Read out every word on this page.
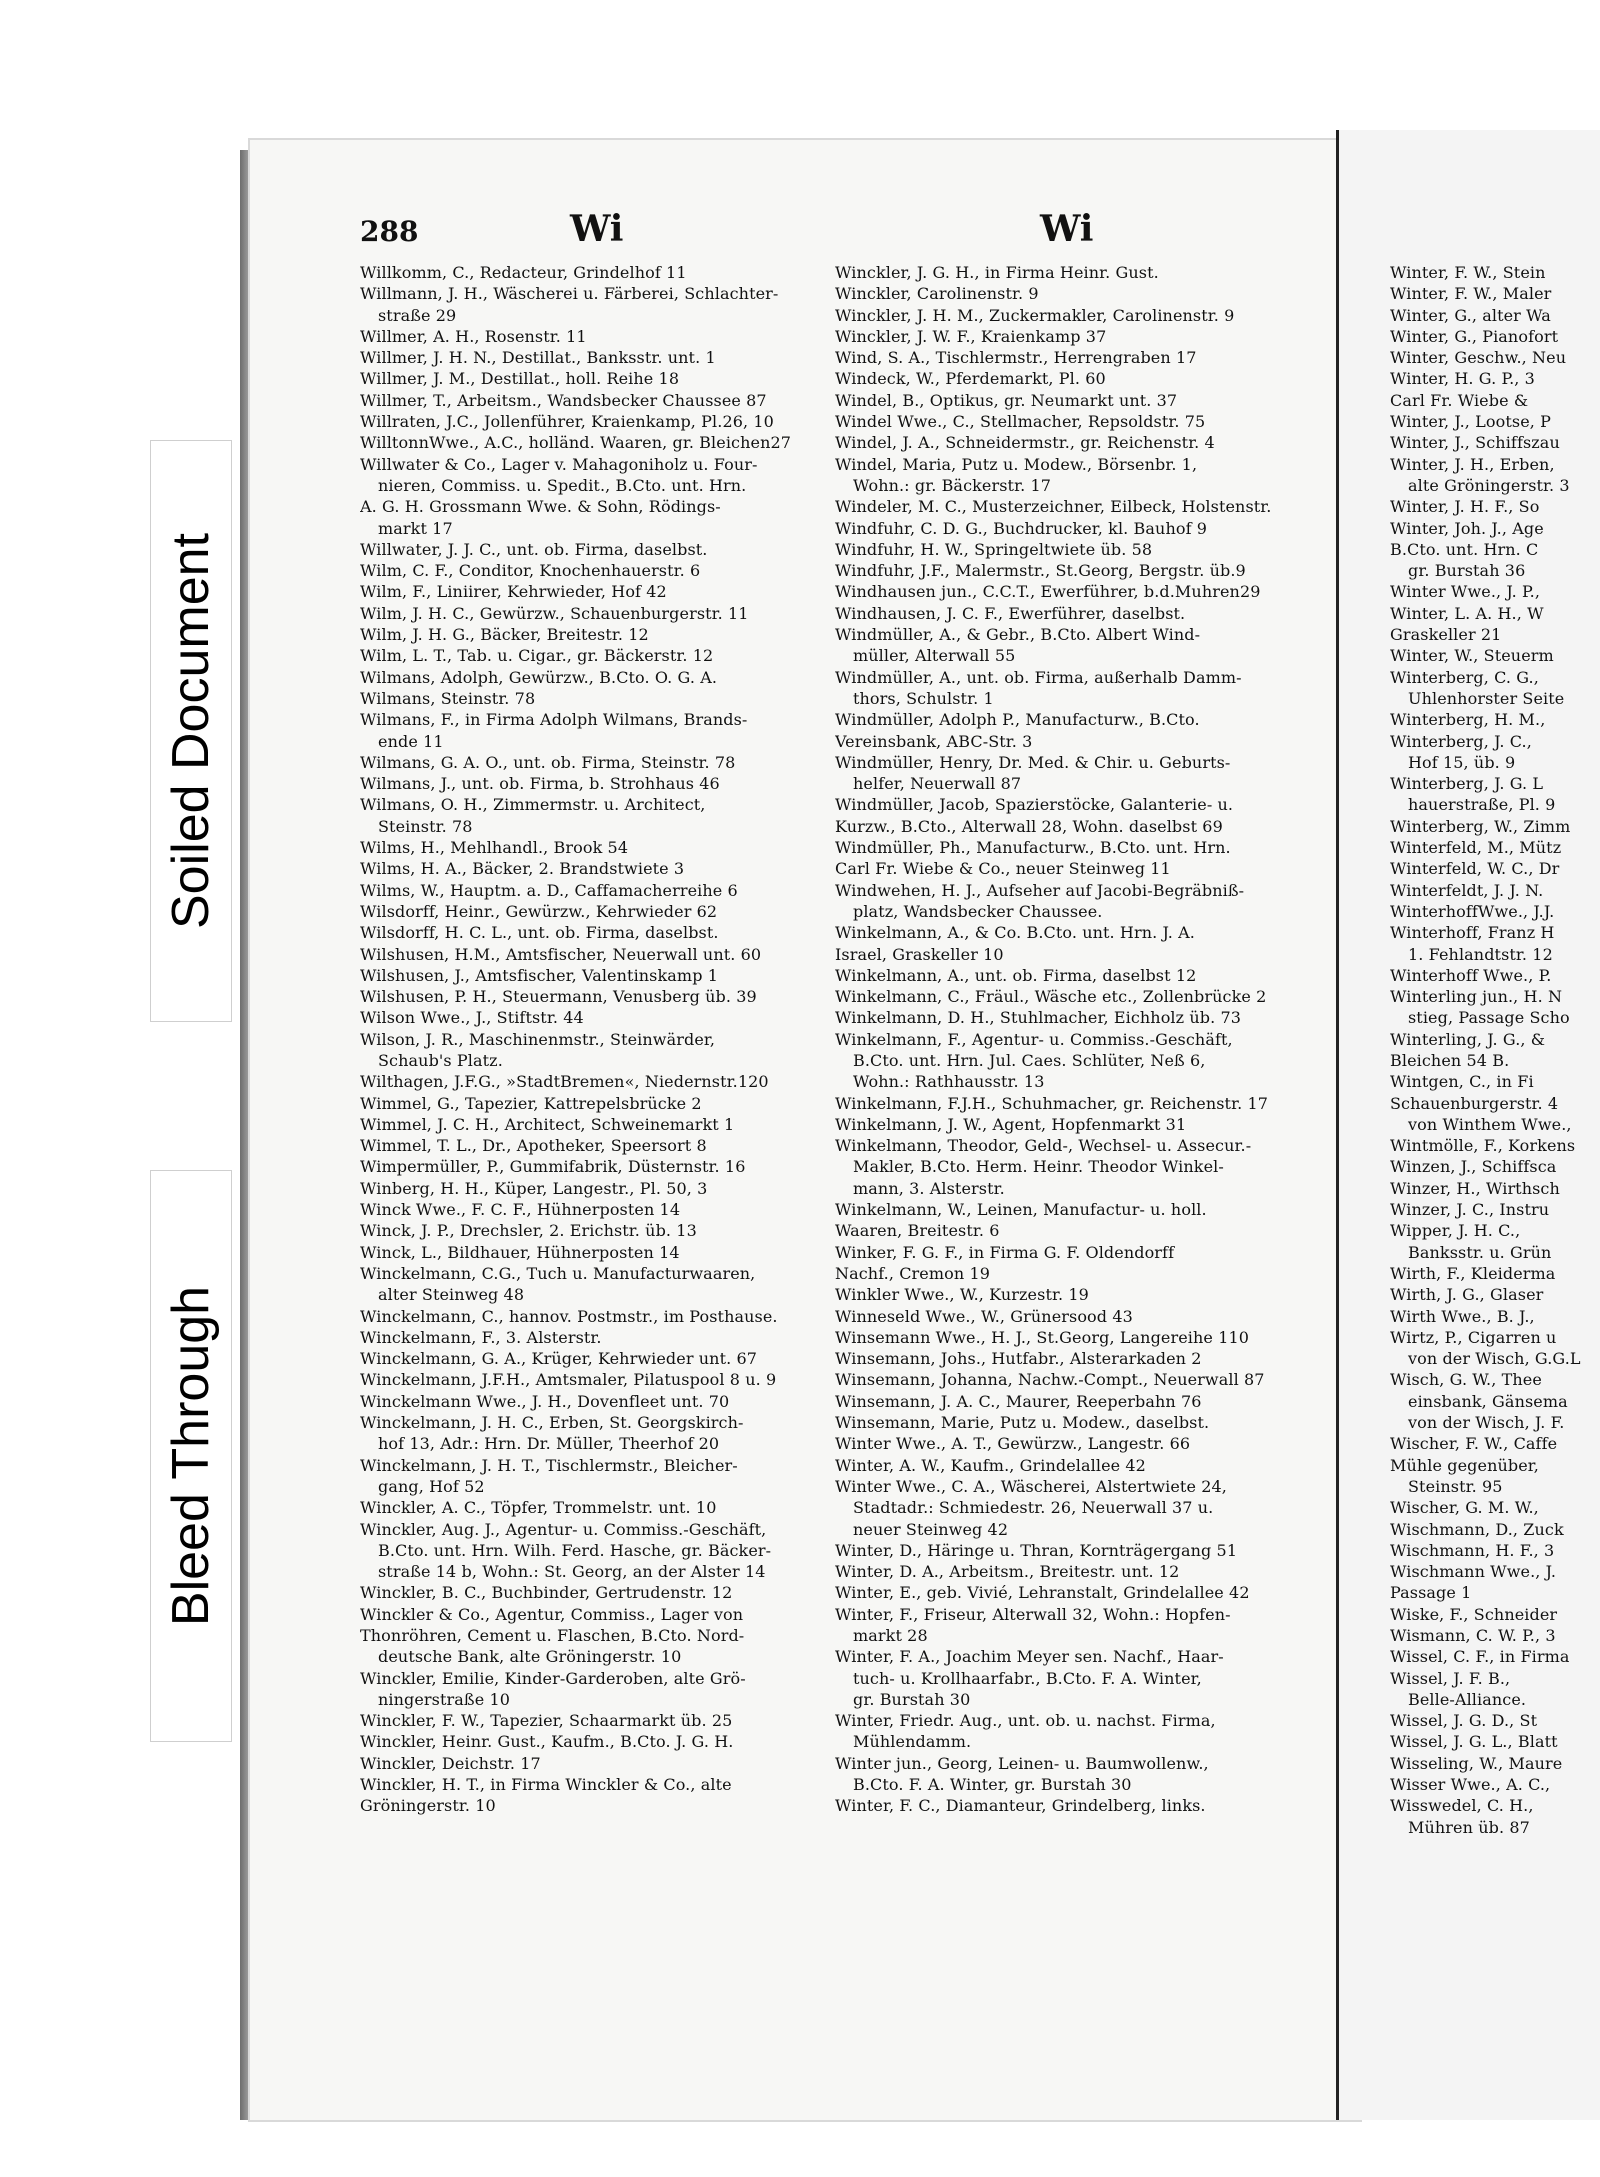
Soiled Document
Bleed Through
288	Wi	Wi
Willkomm, C., Redacteur, Grindelhof 11
Willmann, J. H., Wäscherei u. Färberei, Schlachter-
straße 29
Willmer, A. H., Rosenstr. 11
Willmer, J. H. N., Destillat., Banksstr. unt. 1
Willmer, J. M., Destillat., holl. Reihe 18
Willmer, T., Arbeitsm., Wandsbecker Chaussee 87
Willraten, J.C., Jollenführer, Kraienkamp, Pl.26, 10
WilltonnWwe., A.C., holländ. Waaren, gr. Bleichen27
Willwater & Co., Lager v. Mahagoniholz u. Four-
nieren, Commiss. u. Spedit., B.Cto. unt. Hrn.
A. G. H. Grossmann Wwe. & Sohn, Rödings-
markt 17
Willwater, J. J. C., unt. ob. Firma, daselbst.
Wilm, C. F., Conditor, Knochenhauerstr. 6
Wilm, F., Liniirer, Kehrwieder, Hof 42
Wilm, J. H. C., Gewürzw., Schauenburgerstr. 11
Wilm, J. H. G., Bäcker, Breitestr. 12
Wilm, L. T., Tab. u. Cigar., gr. Bäckerstr. 12
Wilmans, Adolph, Gewürzw., B.Cto. O. G. A.
Wilmans, Steinstr. 78
Wilmans, F., in Firma Adolph Wilmans, Brands-
ende 11
Wilmans, G. A. O., unt. ob. Firma, Steinstr. 78
Wilmans, J., unt. ob. Firma, b. Strohhaus 46
Wilmans, O. H., Zimmermstr. u. Architect,
Steinstr. 78
Wilms, H., Mehlhandl., Brook 54
Wilms, H. A., Bäcker, 2. Brandstwiete 3
Wilms, W., Hauptm. a. D., Caffamacherreihe 6
Wilsdorff, Heinr., Gewürzw., Kehrwieder 62
Wilsdorff, H. C. L., unt. ob. Firma, daselbst.
Wilshusen, H.M., Amtsfischer, Neuerwall unt. 60
Wilshusen, J., Amtsfischer, Valentinskamp 1
Wilshusen, P. H., Steuermann, Venusberg üb. 39
Wilson Wwe., J., Stiftstr. 44
Wilson, J. R., Maschinenmstr., Steinwärder,
Schaub's Platz.
Wilthagen, J.F.G., »StadtBremen«, Niedernstr.120
Wimmel, G., Tapezier, Kattrepelsbrücke 2
Wimmel, J. C. H., Architect, Schweinemarkt 1
Wimmel, T. L., Dr., Apotheker, Speersort 8
Wimpermüller, P., Gummifabrik, Düsternstr. 16
Winberg, H. H., Küper, Langestr., Pl. 50, 3
Winck Wwe., F. C. F., Hühnerposten 14
Winck, J. P., Drechsler, 2. Erichstr. üb. 13
Winck, L., Bildhauer, Hühnerposten 14
Winckelmann, C.G., Tuch u. Manufacturwaaren,
alter Steinweg 48
Winckelmann, C., hannov. Postmstr., im Posthause.
Winckelmann, F., 3. Alsterstr.
Winckelmann, G. A., Krüger, Kehrwieder unt. 67
Winckelmann, J.F.H., Amtsmaler, Pilatuspool 8 u. 9
Winckelmann Wwe., J. H., Dovenfleet unt. 70
Winckelmann, J. H. C., Erben, St. Georgskirch-
hof 13, Adr.: Hrn. Dr. Müller, Theerhof 20
Winckelmann, J. H. T., Tischlermstr., Bleicher-
gang, Hof 52
Winckler, A. C., Töpfer, Trommelstr. unt. 10
Winckler, Aug. J., Agentur- u. Commiss.-Geschäft,
B.Cto. unt. Hrn. Wilh. Ferd. Hasche, gr. Bäcker-
straße 14 b, Wohn.: St. Georg, an der Alster 14
Winckler, B. C., Buchbinder, Gertrudenstr. 12
Winckler & Co., Agentur, Commiss., Lager von
Thonröhren, Cement u. Flaschen, B.Cto. Nord-
deutsche Bank, alte Gröningerstr. 10
Winckler, Emilie, Kinder-Garderoben, alte Grö-
ningerstraße 10
Winckler, F. W., Tapezier, Schaarmarkt üb. 25
Winckler, Heinr. Gust., Kaufm., B.Cto. J. G. H.
Winckler, Deichstr. 17
Winckler, H. T., in Firma Winckler & Co., alte
Gröningerstr. 10
Winckler, J. G. H., in Firma Heinr. Gust.
Winckler, Carolinenstr. 9
Winckler, J. H. M., Zuckermakler, Carolinenstr. 9
Winckler, J. W. F., Kraienkamp 37
Wind, S. A., Tischlermstr., Herrengraben 17
Windeck, W., Pferdemarkt, Pl. 60
Windel, B., Optikus, gr. Neumarkt unt. 37
Windel Wwe., C., Stellmacher, Repsoldstr. 75
Windel, J. A., Schneidermstr., gr. Reichenstr. 4
Windel, Maria, Putz u. Modew., Börsenbr. 1,
Wohn.: gr. Bäckerstr. 17
Windeler, M. C., Musterzeichner, Eilbeck, Holstenstr.
Windfuhr, C. D. G., Buchdrucker, kl. Bauhof 9
Windfuhr, H. W., Springeltwiete üb. 58
Windfuhr, J.F., Malermstr., St.Georg, Bergstr. üb.9
Windhausen jun., C.C.T., Ewerführer, b.d.Muhren29
Windhausen, J. C. F., Ewerführer, daselbst.
Windmüller, A., & Gebr., B.Cto. Albert Wind-
müller, Alterwall 55
Windmüller, A., unt. ob. Firma, außerhalb Damm-
thors, Schulstr. 1
Windmüller, Adolph P., Manufacturw., B.Cto.
Vereinsbank, ABC-Str. 3
Windmüller, Henry, Dr. Med. & Chir. u. Geburts-
helfer, Neuerwall 87
Windmüller, Jacob, Spazierstöcke, Galanterie- u.
Kurzw., B.Cto., Alterwall 28, Wohn. daselbst 69
Windmüller, Ph., Manufacturw., B.Cto. unt. Hrn.
Carl Fr. Wiebe & Co., neuer Steinweg 11
Windwehen, H. J., Aufseher auf Jacobi-Begräbniß-
platz, Wandsbecker Chaussee.
Winkelmann, A., & Co. B.Cto. unt. Hrn. J. A.
Israel, Graskeller 10
Winkelmann, A., unt. ob. Firma, daselbst 12
Winkelmann, C., Fräul., Wäsche etc., Zollenbrücke 2
Winkelmann, D. H., Stuhlmacher, Eichholz üb. 73
Winkelmann, F., Agentur- u. Commiss.-Geschäft,
B.Cto. unt. Hrn. Jul. Caes. Schlüter, Neß 6,
Wohn.: Rathhausstr. 13
Winkelmann, F.J.H., Schuhmacher, gr. Reichenstr. 17
Winkelmann, J. W., Agent, Hopfenmarkt 31
Winkelmann, Theodor, Geld-, Wechsel- u. Assecur.-
Makler, B.Cto. Herm. Heinr. Theodor Winkel-
mann, 3. Alsterstr.
Winkelmann, W., Leinen, Manufactur- u. holl.
Waaren, Breitestr. 6
Winker, F. G. F., in Firma G. F. Oldendorff
Nachf., Cremon 19
Winkler Wwe., W., Kurzestr. 19
Winneseld Wwe., W., Grünersood 43
Winsemann Wwe., H. J., St.Georg, Langereihe 110
Winsemann, Johs., Hutfabr., Alsterarkaden 2
Winsemann, Johanna, Nachw.-Compt., Neuerwall 87
Winsemann, J. A. C., Maurer, Reeperbahn 76
Winsemann, Marie, Putz u. Modew., daselbst.
Winter Wwe., A. T., Gewürzw., Langestr. 66
Winter, A. W., Kaufm., Grindelallee 42
Winter Wwe., C. A., Wäscherei, Alstertwiete 24,
Stadtadr.: Schmiedestr. 26, Neuerwall 37 u.
neuer Steinweg 42
Winter, D., Häringe u. Thran, Kornträgergang 51
Winter, D. A., Arbeitsm., Breitestr. unt. 12
Winter, E., geb. Vivié, Lehranstalt, Grindelallee 42
Winter, F., Friseur, Alterwall 32, Wohn.: Hopfen-
markt 28
Winter, F. A., Joachim Meyer sen. Nachf., Haar-
tuch- u. Krollhaarfabr., B.Cto. F. A. Winter,
gr. Burstah 30
Winter, Friedr. Aug., unt. ob. u. nachst. Firma,
Mühlendamm.
Winter jun., Georg, Leinen- u. Baumwollenw.,
B.Cto. F. A. Winter, gr. Burstah 30
Winter, F. C., Diamanteur, Grindelberg, links.
Winter, F. W., Stein
Winter, F. W., Maler
Winter, G., alter Wa
Winter, G., Pianofort
Winter, Geschw., Neu
Winter, H. G. P., 3
Carl Fr. Wiebe &
Winter, J., Lootse, P
Winter, J., Schiffszau
Winter, J. H., Erben,
alte Gröningerstr. 3
Winter, J. H. F., So
Winter, Joh. J., Age
B.Cto. unt. Hrn. C
gr. Burstah 36
Winter Wwe., J. P.,
Winter, L. A. H., W
Graskeller 21
Winter, W., Steuerm
Winterberg, C. G.,
Uhlenhorster Seite
Winterberg, H. M.,
Winterberg, J. C.,
Hof 15, üb. 9
Winterberg, J. G. L
hauerstraße, Pl. 9
Winterberg, W., Zimm
Winterfeld, M., Mütz
Winterfeld, W. C., Dr
Winterfeldt, J. J. N.
WinterhoffWwe., J.J.
Winterhoff, Franz H
1. Fehlandtstr. 12
Winterhoff Wwe., P.
Winterling jun., H. N
stieg, Passage Scho
Winterling, J. G., &
Bleichen 54 B.
Wintgen, C., in Fi
Schauenburgerstr. 4
von Winthem Wwe.,
Wintmölle, F., Korkens
Winzen, J., Schiffsca
Winzer, H., Wirthsch
Winzer, J. C., Instru
Wipper, J. H. C.,
Banksstr. u. Grün
Wirth, F., Kleiderma
Wirth, J. G., Glaser
Wirth Wwe., B. J.,
Wirtz, P., Cigarren u
von der Wisch, G.G.L
Wisch, G. W., Thee
einsbank, Gänsema
von der Wisch, J. F.
Wischer, F. W., Caffe
Mühle gegenüber,
Steinstr. 95
Wischer, G. M. W.,
Wischmann, D., Zuck
Wischmann, H. F., 3
Wischmann Wwe., J.
Passage 1
Wiske, F., Schneider
Wismann, C. W. P., 3
Wissel, C. F., in Firma
Wissel, J. F. B.,
Belle-Alliance.
Wissel, J. G. D., St
Wissel, J. G. L., Blatt
Wisseling, W., Maure
Wisser Wwe., A. C.,
Wisswedel, C. H.,
Mühren üb. 87
